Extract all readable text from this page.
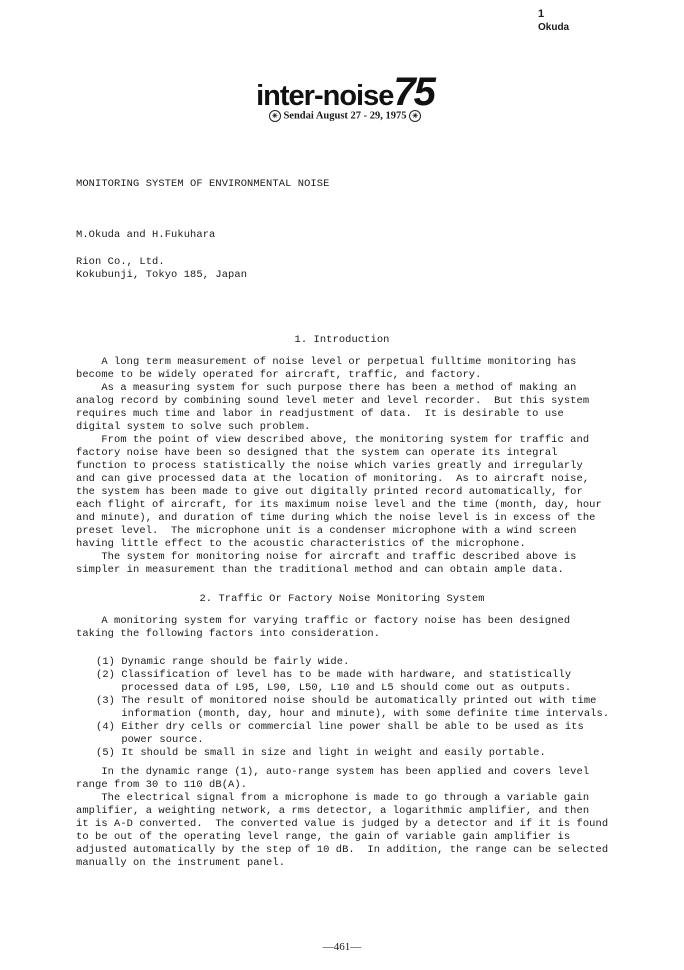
1
Okuda
inter-noise75
✳ Sendai August 27 - 29, 1975 ✳
MONITORING SYSTEM OF ENVIRONMENTAL NOISE
M.Okuda and H.Fukuhara
Rion Co., Ltd.
Kokubunji, Tokyo 185, Japan
1. Introduction
A long term measurement of noise level or perpetual fulltime monitoring has
become to be widely operated for aircraft, traffic, and factory.
As a measuring system for such purpose there has been a method of making an
analog record by combining sound level meter and level recorder.  But this system
requires much time and labor in readjustment of data.  It is desirable to use
digital system to solve such problem.
From the point of view described above, the monitoring system for traffic and
factory noise have been so designed that the system can operate its integral
function to process statistically the noise which varies greatly and irregularly
and can give processed data at the location of monitoring.  As to aircraft noise,
the system has been made to give out digitally printed record automatically, for
each flight of aircraft, for its maximum noise level and the time (month, day, hour
and minute), and duration of time during which the noise level is in excess of the
preset level.  The microphone unit is a condenser microphone with a wind screen
having little effect to the acoustic characteristics of the microphone.
The system for monitoring noise for aircraft and traffic described above is
simpler in measurement than the traditional method and can obtain ample data.
2. Traffic Or Factory Noise Monitoring System
A monitoring system for varying traffic or factory noise has been designed
taking the following factors into consideration.
(1) Dynamic range should be fairly wide.
(2) Classification of level has to be made with hardware, and statistically
processed data of L95, L90, L50, L10 and L5 should come out as outputs.
(3) The result of monitored noise should be automatically printed out with time
information (month, day, hour and minute), with some definite time intervals.
(4) Either dry cells or commercial line power shall be able to be used as its
power source.
(5) It should be small in size and light in weight and easily portable.
In the dynamic range (1), auto-range system has been applied and covers level
range from 30 to 110 dB(A).
The electrical signal from a microphone is made to go through a variable gain
amplifier, a weighting network, a rms detector, a logarithmic amplifier, and then
it is A-D converted.  The converted value is judged by a detector and if it is found
to be out of the operating level range, the gain of variable gain amplifier is
adjusted automatically by the step of 10 dB.  In addition, the range can be selected
manually on the instrument panel.
—461—
